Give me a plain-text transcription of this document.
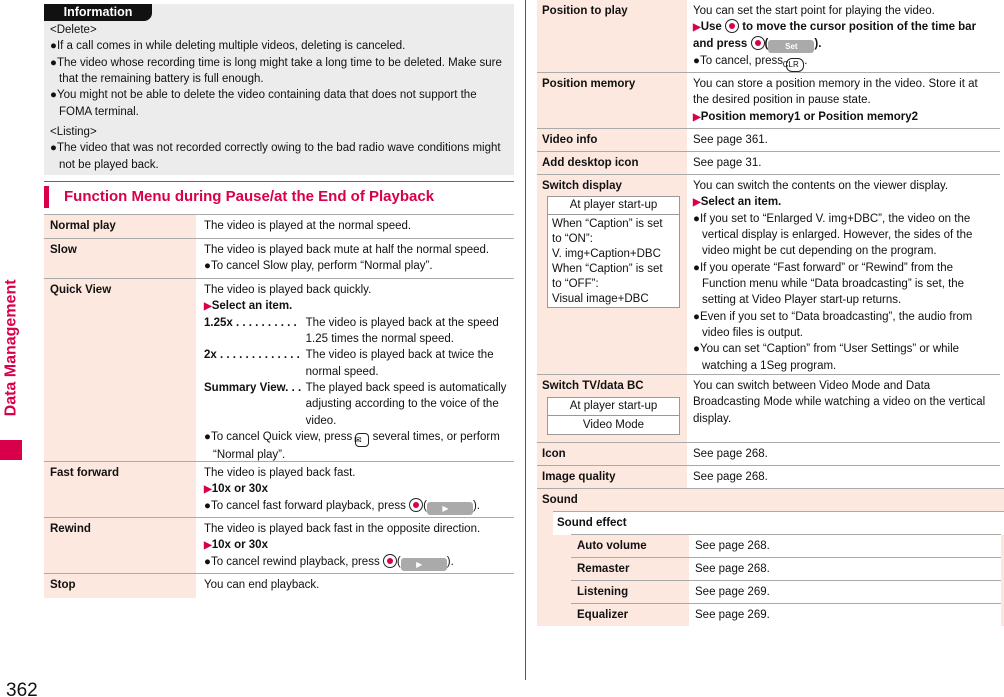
Data Management
362
Information

<Delete>

●If a call comes in while deleting multiple videos, deleting is canceled.

●The video whose recording time is long might take a long time to be deleted. Make sure that the remaining battery is full enough.

●You might not be able to delete the video containing data that does not support the FOMA terminal.

<Listing>

●The video that was not recorded correctly owing to the bad radio wave conditions might not be played back.

Function Menu during Pause/at the End of Playback
Normal play	The video is played at the normal speed.
Slow	The video is played back mute at half the normal speed.
●To cancel Slow play, perform “Normal play”.
Quick View	The video is played back quickly.
▶Select an item.
1.25x . . . . . . . . . . The video is played back at the speed 1.25 times the normal speed.
2x . . . . . . . . . . . . . The video is played back at twice the normal speed.
Summary View. . . The played back speed is automatically adjusting according to the voice of the video.
●To cancel Quick view, press ✉ several times, or perform “Normal play”.
Fast forward	The video is played back fast.
▶10x or 30x
●To cancel fast forward playback, press ( ▶ ).
Rewind	The video is played back fast in the opposite direction.
▶10x or 30x
●To cancel rewind playback, press ( ▶ ).
Stop	You can end playback.
Position to play	You can set the start point for playing the video.
▶Use  to move the cursor position of the time bar and press ( Set ).
●To cancel, press CLR .
Position memory	You can store a position memory in the video. Store it at the desired position in pause state.
▶Position memory1 or Position memory2
Video info	See page 361.
Add desktop icon	See page 31.
Switch display	You can switch the contents on the viewer display.
▶Select an item.
●If you set to “Enlarged V. img+DBC”, the video on the vertical display is enlarged. However, the sides of the video might be cut depending on the program.
●If you operate “Fast forward” or “Rewind” from the Function menu while “Data broadcasting” is set, the setting at Video Player start-up returns.
●Even if you set to “Data broadcasting”, the audio from video files is output.
●You can set “Caption” from “User Settings” or while watching a 1Seg program.
At player start-up
When “Caption” is set to “ON”:
V. img+Caption+DBC
When “Caption” is set to “OFF”:
Visual image+DBC
Switch TV/data BC	You can switch between Video Mode and Data Broadcasting Mode while watching a video on the vertical display.
At player start-up
Video Mode
Icon	See page 268.
Image quality	See page 268.
Sound
Sound effect
Auto volume	See page 268.
Remaster	See page 268.
Listening	See page 269.
Equalizer	See page 269.
